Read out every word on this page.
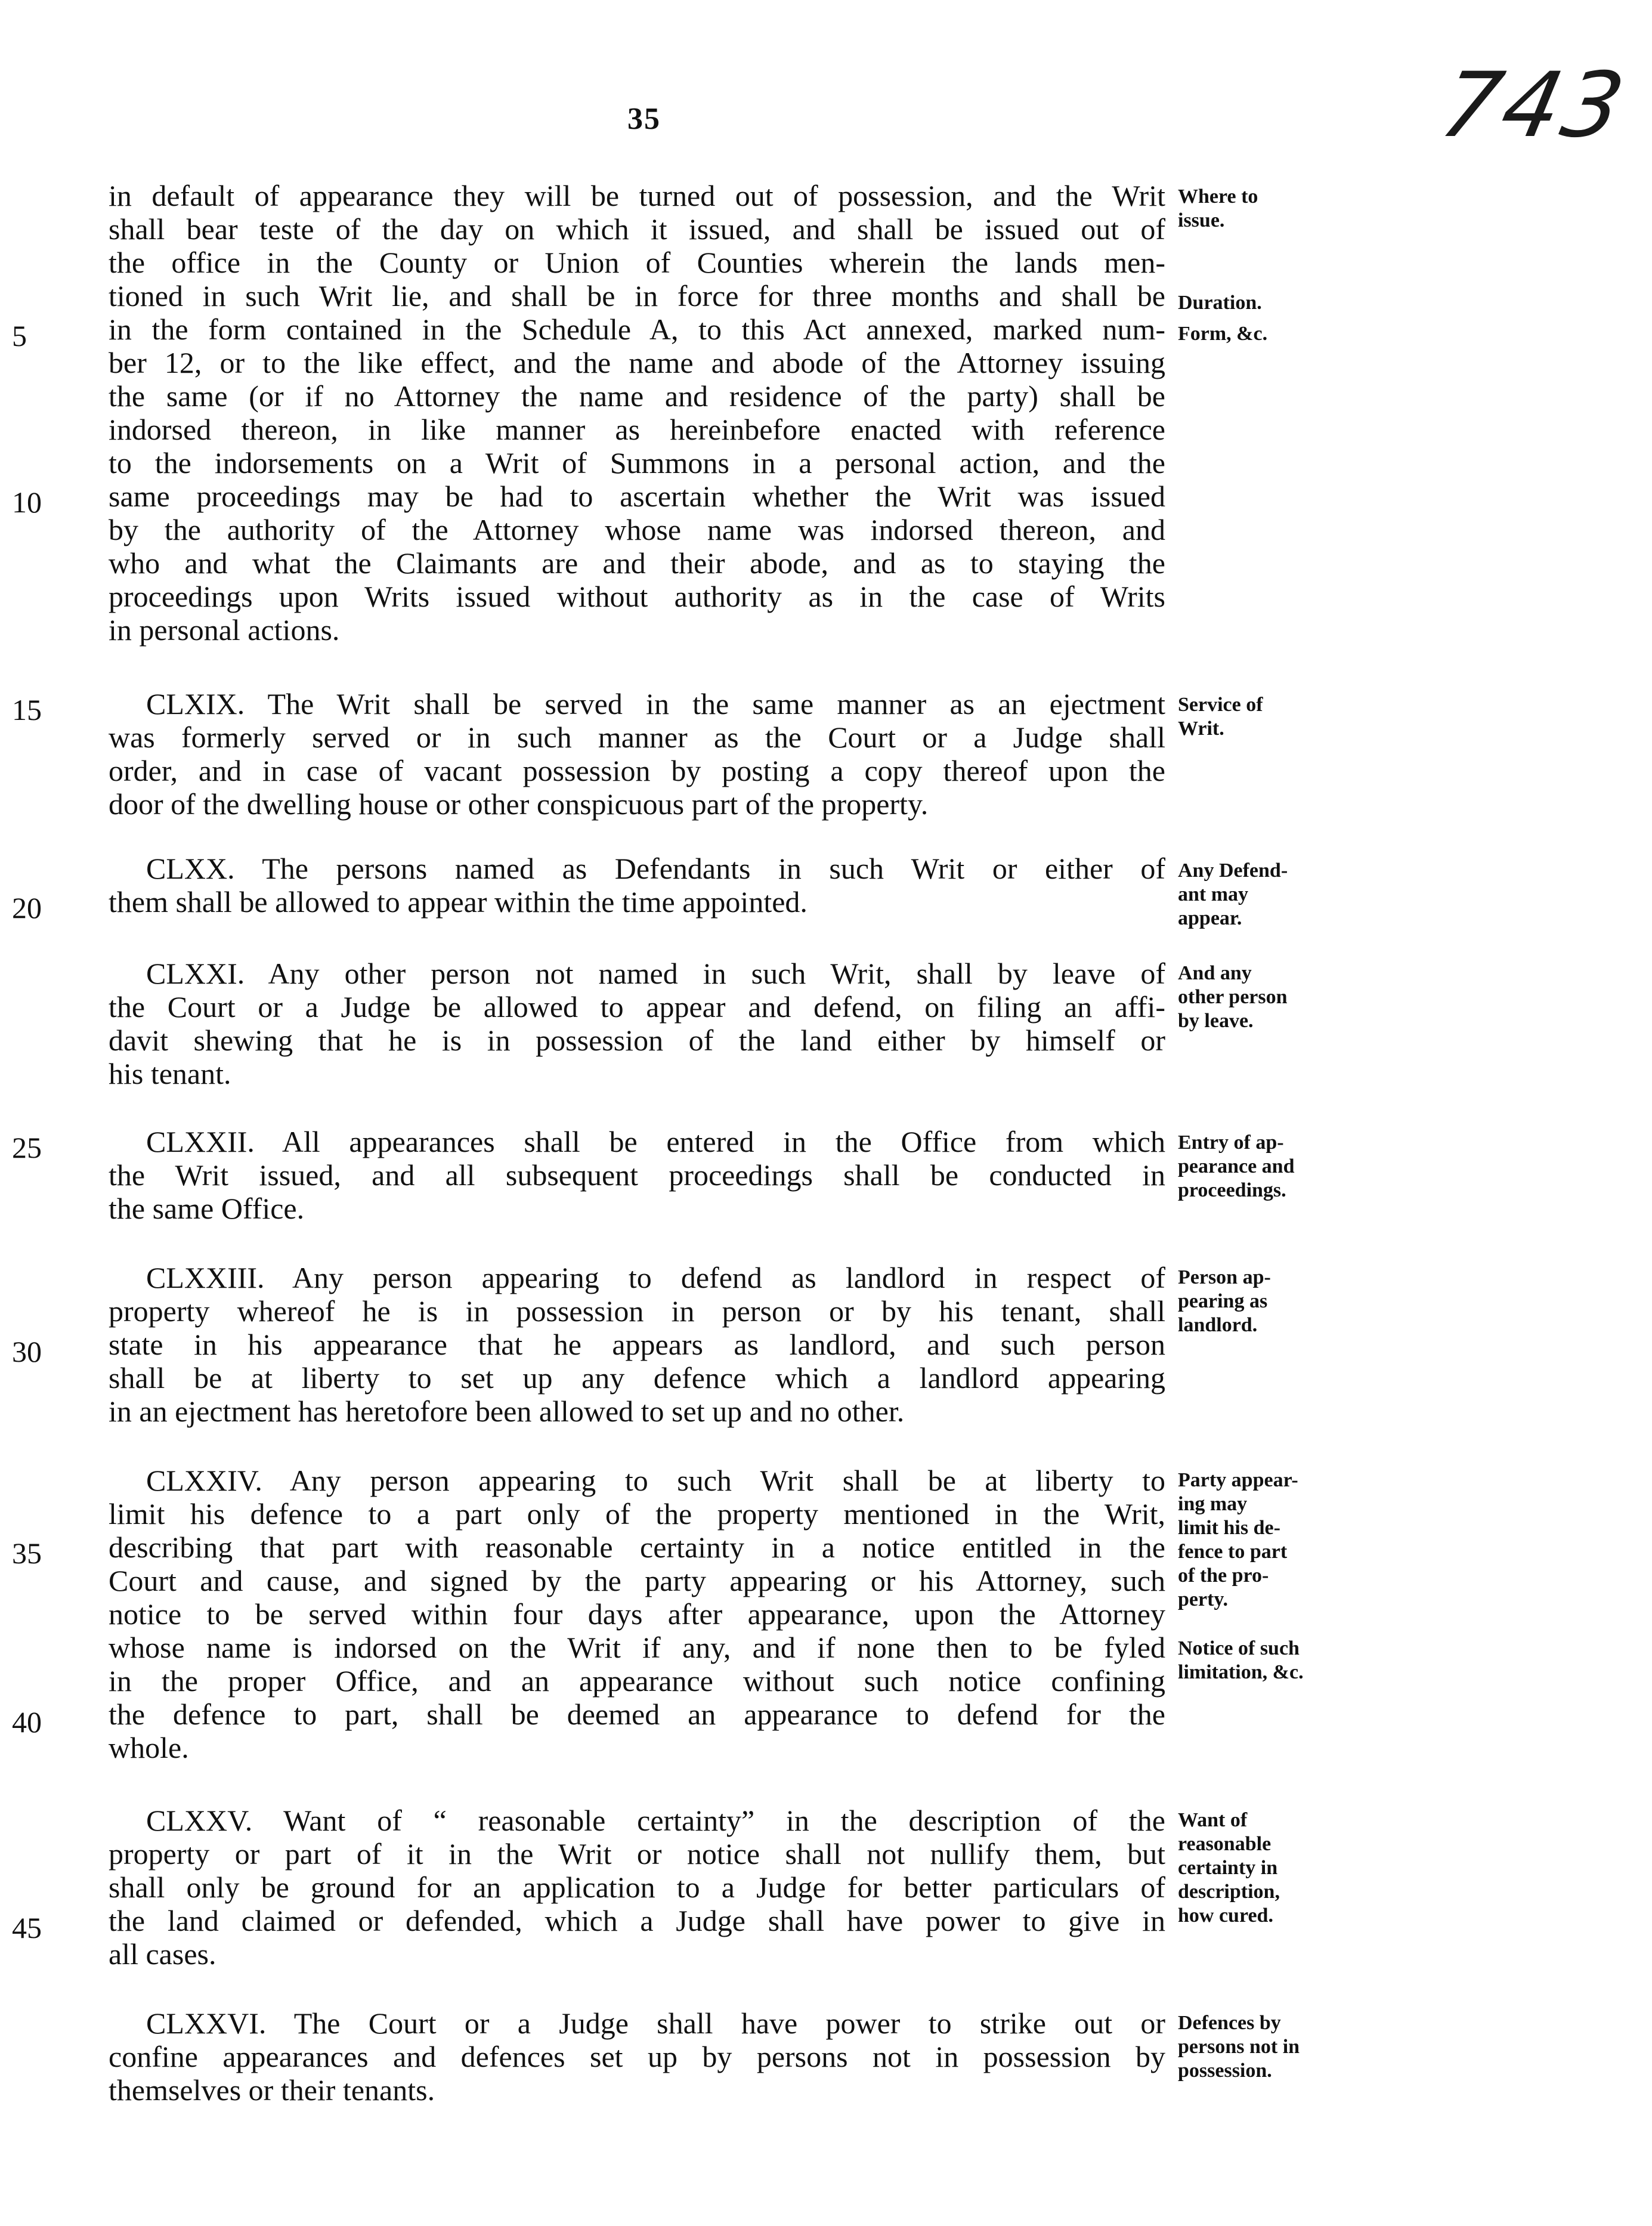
35	743
5
10
15
20
25
30
35
40
45
in default of appearance they will be turned out of possession, and the Writ
shall bear teste of the day on which it issued, and shall be issued out of
the office in the County or Union of Counties wherein the lands men-
tioned in such Writ lie, and shall be in force for three months and shall be
in the form contained in the Schedule A, to this Act annexed, marked num-
ber 12, or to the like effect, and the name and abode of the Attorney issuing
the same (or if no Attorney the name and residence of the party) shall be
indorsed thereon, in like manner as hereinbefore enacted with reference
to the indorsements on a Writ of Summons in a personal action, and the
same proceedings may be had to ascertain whether the Writ was issued
by the authority of the Attorney whose name was indorsed thereon, and
who and what the Claimants are and their abode, and as to staying the
proceedings upon Writs issued without authority as in the case of Writs
in personal actions.
CLXIX. The Writ shall be served in the same manner as an ejectment
was formerly served or in such manner as the Court or a Judge shall
order, and in case of vacant possession by posting a copy thereof upon the
door of the dwelling house or other conspicuous part of the property.
CLXX. The persons named as Defendants in such Writ or either of
them shall be allowed to appear within the time appointed.
CLXXI. Any other person not named in such Writ, shall by leave of
the Court or a Judge be allowed to appear and defend, on filing an affi-
davit shewing that he is in possession of the land either by himself or
his tenant.
CLXXII. All appearances shall be entered in the Office from which
the Writ issued, and all subsequent proceedings shall be conducted in
the same Office.
CLXXIII. Any person appearing to defend as landlord in respect of
property whereof he is in possession in person or by his tenant, shall
state in his appearance that he appears as landlord, and such person
shall be at liberty to set up any defence which a landlord appearing
in an ejectment has heretofore been allowed to set up and no other.
CLXXIV. Any person appearing to such Writ shall be at liberty to
limit his defence to a part only of the property mentioned in the Writ,
describing that part with reasonable certainty in a notice entitled in the
Court and cause, and signed by the party appearing or his Attorney, such
notice to be served within four days after appearance, upon the Attorney
whose name is indorsed on the Writ if any, and if none then to be fyled
in the proper Office, and an appearance without such notice confining
the defence to part, shall be deemed an appearance to defend for the
whole.
CLXXV. Want of “ reasonable certainty” in the description of the
property or part of it in the Writ or notice shall not nullify them, but
shall only be ground for an application to a Judge for better particulars of
the land claimed or defended, which a Judge shall have power to give in
all cases.
CLXXVI. The Court or a Judge shall have power to strike out or
confine appearances and defences set up by persons not in possession by
themselves or their tenants.
Where to
issue.
Duration.
Form, &c.
Service of
Writ.
Any Defend-
ant may
appear.
And any
other person
by leave.
Entry of ap-
pearance and
proceedings.
Person ap-
pearing as
landlord.
Party appear-
ing may
limit his de-
fence to part
of the pro-
perty.
Notice of such
limitation, &c.
Want of
reasonable
certainty in
description,
how cured.
Defences by
persons not in
possession.
